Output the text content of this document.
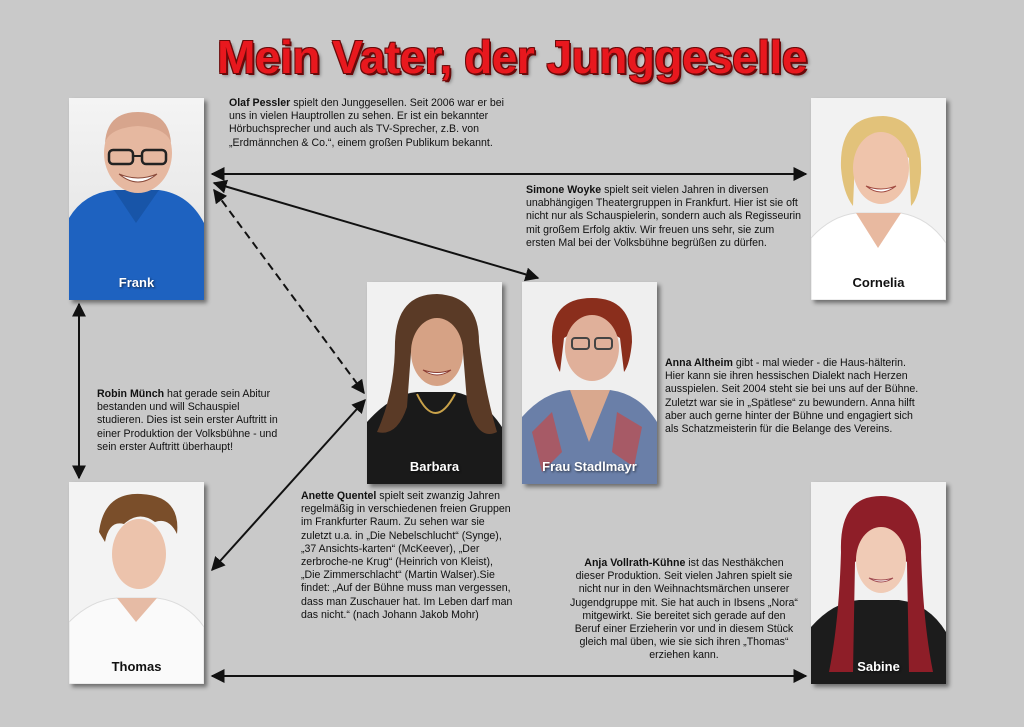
Mein Vater, der Junggeselle
Frank	Cornelia
Barbara	Frau Stadlmayr
Thomas	Sabine
Olaf Pessler spielt den Junggesellen. Seit 2006 war er bei uns in vielen Hauptrollen zu sehen. Er ist ein bekannter Hörbuchsprecher und auch als TV-Sprecher, z.B. von „Erdmännchen & Co.“, einem großen Publikum bekannt.
Simone Woyke spielt seit vielen Jahren in diversen unabhängigen Theatergruppen in Frankfurt. Hier ist sie oft nicht nur als Schauspielerin, sondern auch als Regisseurin mit großem Erfolg aktiv. Wir freuen uns sehr, sie zum ersten Mal bei der Volksbühne begrüßen zu dürfen.
Anna Altheim gibt - mal wieder - die Haus-hälterin. Hier kann sie ihren hessischen Dialekt nach Herzen ausspielen. Seit 2004 steht sie bei uns auf der Bühne. Zuletzt war sie in „Spätlese“ zu bewundern. Anna hilft aber auch gerne hinter der Bühne und engagiert sich als Schatzmeisterin für die Belange des Vereins.
Robin Münch hat gerade sein Abitur bestanden und will Schauspiel studieren. Dies ist sein erster Auftritt in einer Produktion der Volksbühne - und sein erster Auftritt überhaupt!
Anette Quentel spielt seit zwanzig Jahren regelmäßig in verschiedenen freien Gruppen im Frankfurter Raum. Zu sehen war sie zuletzt u.a. in „Die Nebelschlucht“ (Synge), „37 Ansichts-karten“ (McKeever), „Der zerbroche-ne Krug“ (Heinrich von Kleist), „Die Zimmerschlacht“ (Martin Walser).Sie findet: „Auf der Bühne muss man vergessen, dass man Zuschauer hat. Im Leben darf man das nicht.“ (nach Johann Jakob Mohr)
Anja Vollrath-Kühne ist das Nesthäkchen dieser Produktion. Seit vielen Jahren spielt sie nicht nur in den Weihnachtsmärchen unserer Jugendgruppe mit. Sie hat auch in Ibsens „Nora“ mitgewirkt. Sie bereitet sich gerade auf den Beruf einer Erzieherin vor und in diesem Stück gleich mal üben, wie sie sich ihren „Thomas“ erziehen kann.
